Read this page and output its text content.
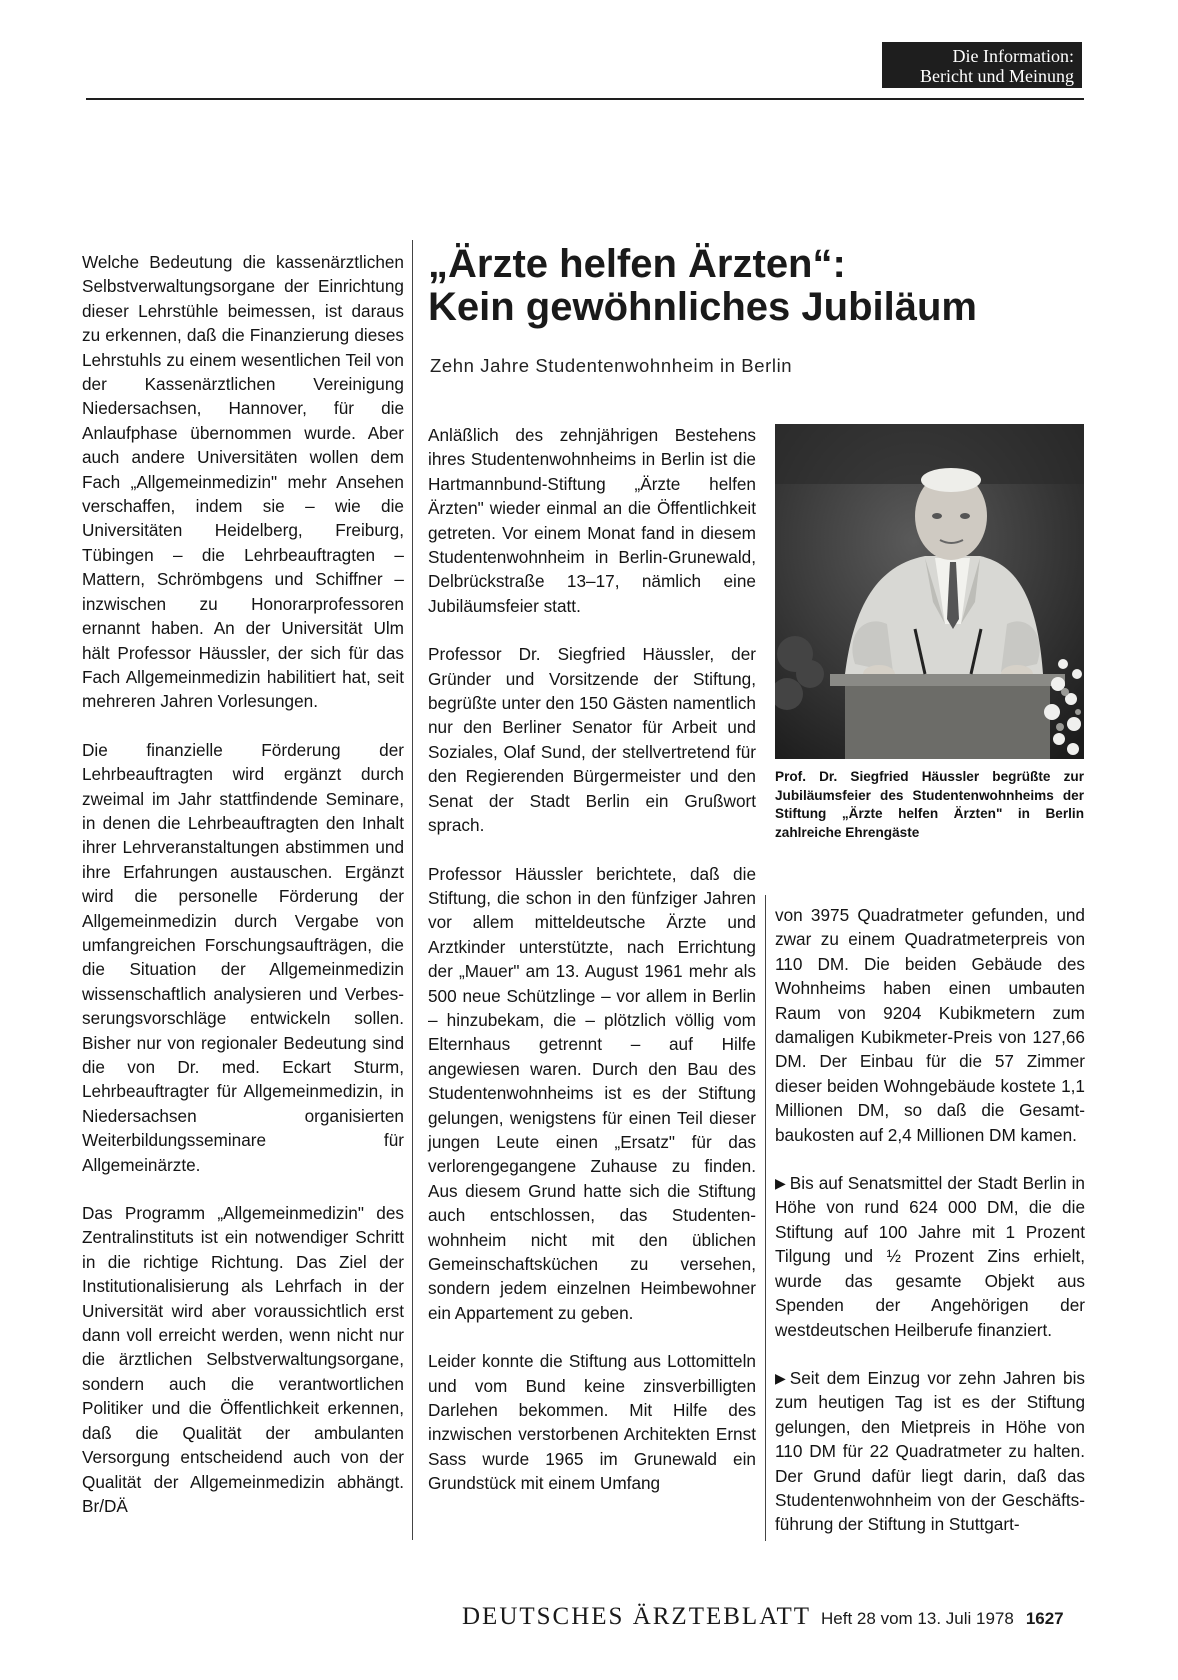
Die Information:
Bericht und Meinung

Welche Bedeutung die kassenärztlichen Selbstverwaltungsorgane der Einrichtung dieser Lehrstühle beimessen, ist daraus zu erkennen, daß die Finanzierung dieses Lehrstuhls zu einem wesentlichen Teil von der Kassenärztlichen Vereinigung Niedersachsen, Hannover, für die Anlaufphase übernommen wurde. Aber auch andere Universitäten wollen dem Fach „Allgemeinmedizin" mehr Ansehen verschaffen, indem sie – wie die Universitäten Heidelberg, Freiburg, Tübingen – die Lehrbeauftragten – Mattern, Schrömbgens und Schiffner – inzwischen zu Honorarprofessoren ernannt haben. An der Universität Ulm hält Professor Häussler, der sich für das Fach Allgemeinmedizin habilitiert hat, seit mehreren Jahren Vorlesungen.

Die finanzielle Förderung der Lehrbeauftragten wird ergänzt durch zweimal im Jahr stattfindende Seminare, in denen die Lehrbeauftragten den Inhalt ihrer Lehrveranstaltungen abstimmen und ihre Erfahrungen austauschen. Ergänzt wird die personelle Förderung der Allgemeinmedizin durch Vergabe von umfangreichen Forschungsaufträgen, die die Situation der Allgemeinmedizin wissenschaftlich analysieren und Verbesserungsvorschläge entwickeln sollen. Bisher nur von regionaler Bedeutung sind die von Dr. med. Eckart Sturm, Lehrbeauftragter für Allgemeinmedizin, in Niedersachsen organisierten Weiterbildungsseminare für Allgemeinärzte.

Das Programm „Allgemeinmedizin" des Zentralinstituts ist ein notwendiger Schritt in die richtige Richtung. Das Ziel der Institutionalisierung als Lehrfach in der Universität wird aber voraussichtlich erst dann voll erreicht werden, wenn nicht nur die ärztlichen Selbstverwaltungsorgane, sondern auch die verantwortlichen Politiker und die Öffentlichkeit erkennen, daß die Qualität der ambulanten Versorgung entscheidend auch von der Qualität der Allgemeinmedizin abhängt. Br/DÄ

„Ärzte helfen Ärzten“:
Kein gewöhnliches Jubiläum
Zehn Jahre Studentenwohnheim in Berlin

Anläßlich des zehnjährigen Bestehens ihres Studentenwohnheims in Berlin ist die Hartmannbund-Stiftung „Ärzte helfen Ärzten" wieder einmal an die Öffentlichkeit getreten. Vor einem Monat fand in diesem Studentenwohnheim in Berlin-Grunewald, Delbrückstraße 13–17, nämlich eine Jubiläumsfeier statt.

Professor Dr. Siegfried Häussler, der Gründer und Vorsitzende der Stiftung, begrüßte unter den 150 Gästen namentlich nur den Berliner Senator für Arbeit und Soziales, Olaf Sund, der stellvertretend für den Regierenden Bürgermeister und den Senat der Stadt Berlin ein Grußwort sprach.

Professor Häussler berichtete, daß die Stiftung, die schon in den fünfziger Jahren vor allem mitteldeutsche Ärzte und Arztkinder unterstützte, nach Errichtung der „Mauer" am 13. August 1961 mehr als 500 neue Schützlinge – vor allem in Berlin – hinzubekam, die – plötzlich völlig vom Elternhaus getrennt – auf Hilfe angewiesen waren. Durch den Bau des Studentenwohnheims ist es der Stiftung gelungen, wenigstens für einen Teil dieser jungen Leute einen „Ersatz" für das verlorengegangene Zuhause zu finden. Aus diesem Grund hatte sich die Stiftung auch entschlossen, das Studentenwohnheim nicht mit den üblichen Gemeinschaftsküchen zu versehen, sondern jedem einzelnen Heimbewohner ein Appartement zu geben.

Leider konnte die Stiftung aus Lottomitteln und vom Bund keine zinsverbilligten Darlehen bekommen. Mit Hilfe des inzwischen verstorbenen Architekten Ernst Sass wurde 1965 im Grunewald ein Grundstück mit einem Umfang

Prof. Dr. Siegfried Häussler begrüßte zur Jubiläumsfeier des Studentenwohnheims der Stiftung „Ärzte helfen Ärzten" in Berlin zahlreiche Ehrengäste

von 3975 Quadratmeter gefunden, und zwar zu einem Quadratmeterpreis von 110 DM. Die beiden Gebäude des Wohnheims haben einen umbauten Raum von 9204 Kubikmetern zum damaligen Kubikmeter-Preis von 127,66 DM. Der Einbau für die 57 Zimmer dieser beiden Wohngebäude kostete 1,1 Millionen DM, so daß die Gesamtbaukosten auf 2,4 Millionen DM kamen.

▶ Bis auf Senatsmittel der Stadt Berlin in Höhe von rund 624 000 DM, die die Stiftung auf 100 Jahre mit 1 Prozent Tilgung und ½ Prozent Zins erhielt, wurde das gesamte Objekt aus Spenden der Angehörigen der westdeutschen Heilberufe finanziert.

▶ Seit dem Einzug vor zehn Jahren bis zum heutigen Tag ist es der Stiftung gelungen, den Mietpreis in Höhe von 110 DM für 22 Quadratmeter zu halten. Der Grund dafür liegt darin, daß das Studentenwohnheim von der Geschäftsführung der Stiftung in Stuttgart-

DEUTSCHES ÄRZTEBLATT Heft 28 vom 13. Juli 1978 1627
